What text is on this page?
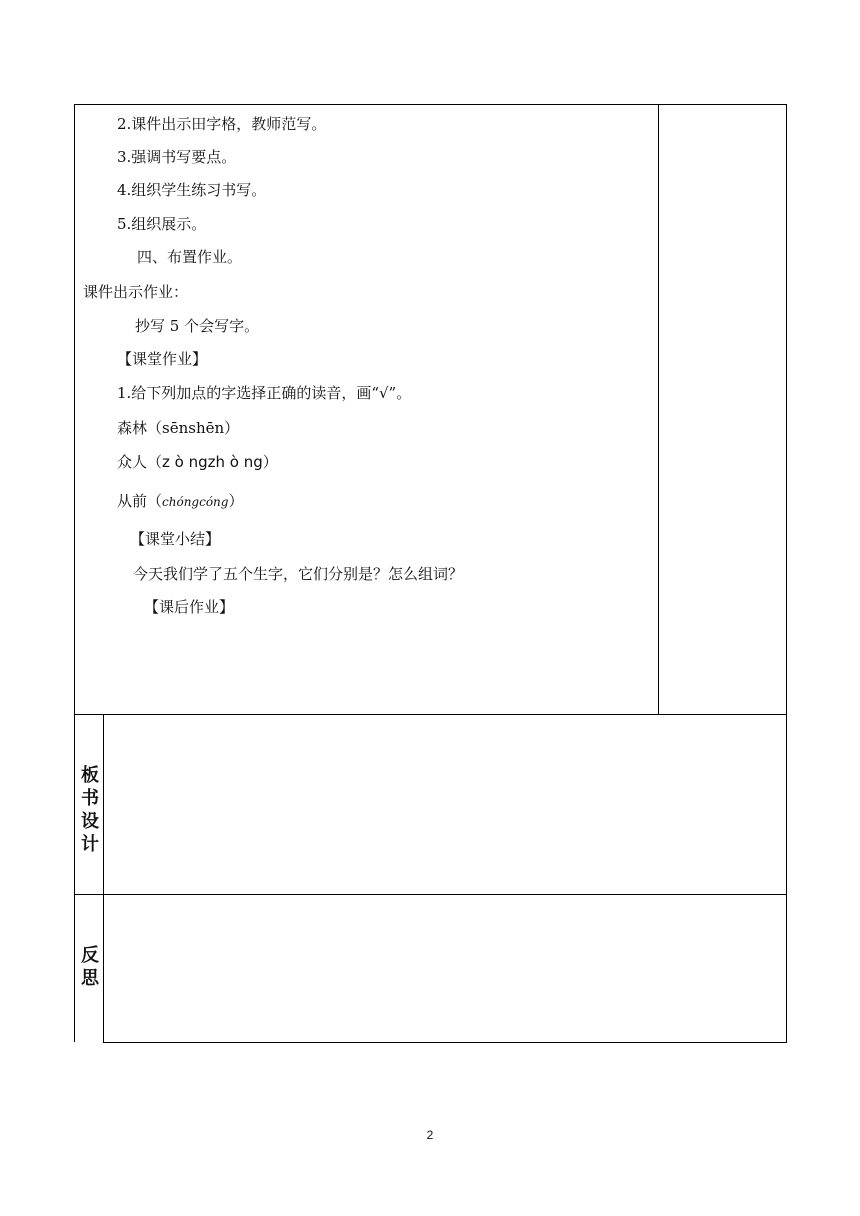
2.课件出示田字格，教师范写。
3.强调书写要点。
4.组织学生练习书写。
5.组织展示。
四、布置作业。
课件出示作业：
抄写 5 个会写字。
【课堂作业】
1.给下列加点的字选择正确的读音，画“√”。
森林（sēnshēn）
众人（z ò ngzh ò ng）
从前（chóngcóng）
【课堂小结】
今天我们学了五个生字，它们分别是？怎么组词？
【课后作业】
板书设计
反思
2
